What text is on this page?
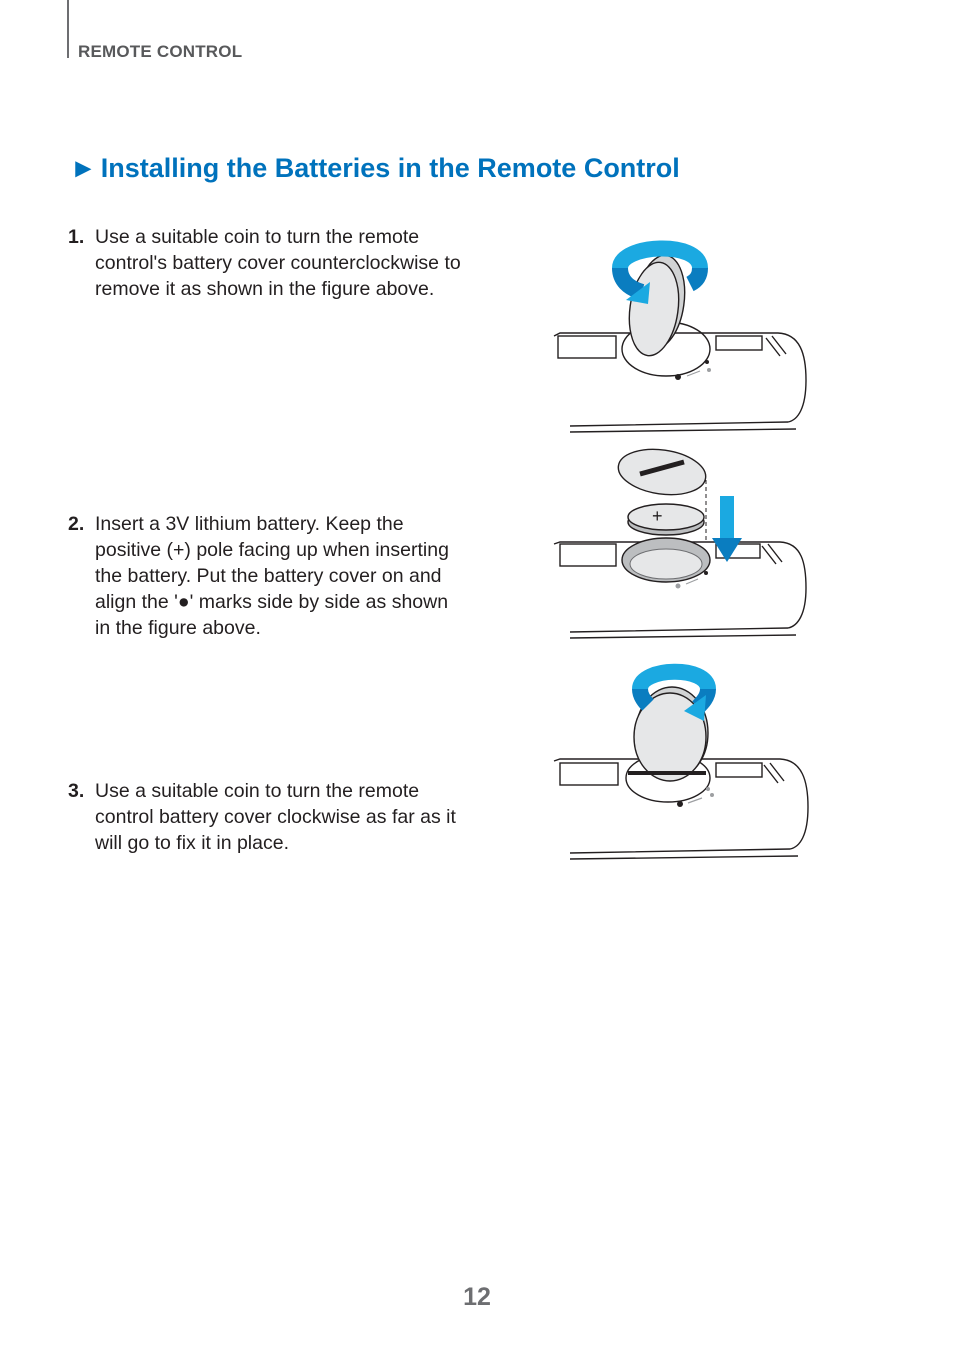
REMOTE CONTROL
► Installing the Batteries in the Remote Control
1. Use a suitable coin to turn the remote control's battery cover counterclockwise to remove it as shown in the figure above.
2. Insert a 3V lithium battery. Keep the positive (+) pole facing up when inserting the battery. Put the battery cover on and align the '●' marks side by side as shown in the figure above.
3. Use a suitable coin to turn the remote control battery cover clockwise as far as it will go to fix it in place.
+
12
